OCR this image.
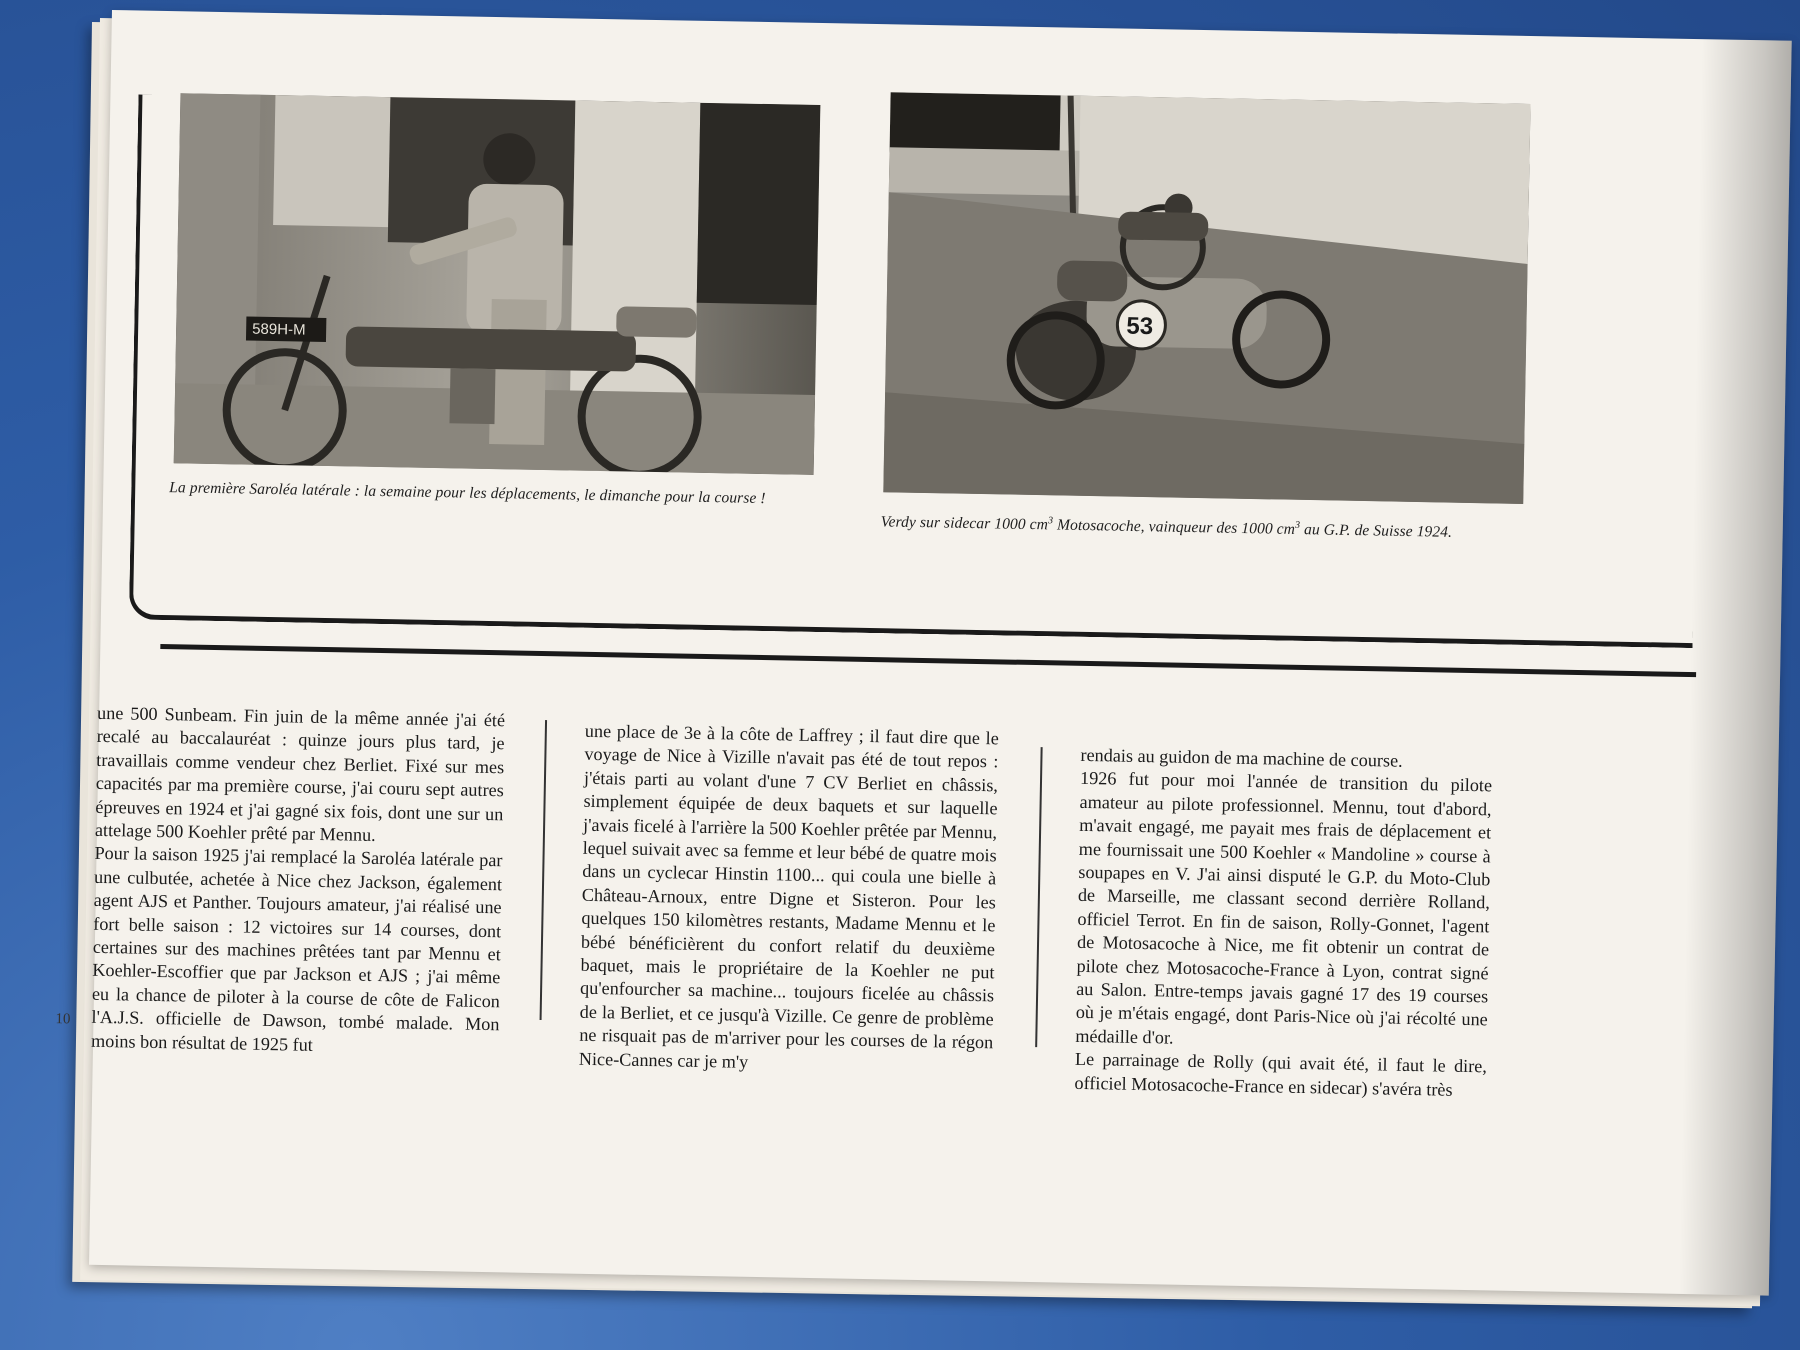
589H-M	53
La première Saroléa latérale : la semaine pour les déplacements, le dimanche pour la course !
Verdy sur sidecar 1000 $cm^3$ Motosacoche, vainqueur des 1000 $cm^3$ au G.P. de Suisse 1924.
une 500 Sunbeam. Fin juin de la même année j'ai été recalé au baccalauréat : quinze jours plus tard, je travaillais comme vendeur chez Berliet. Fixé sur mes capacités par ma première course, j'ai couru sept autres épreuves en 1924 et j'ai gagné six fois, dont une sur un attelage 500 Koehler prêté par Mennu.
Pour la saison 1925 j'ai remplacé la Saroléa latérale par une culbutée, achetée à Nice chez Jackson, également agent AJS et Panther. Toujours amateur, j'ai réalisé une fort belle saison : 12 victoires sur 14 courses, dont certaines sur des machines prêtées tant par Mennu et Koehler-Escoffier que par Jackson et AJS ; j'ai même eu la chance de piloter à la course de côte de Falicon l'A.J.S. officielle de Dawson, tombé malade. Mon moins bon résultat de 1925 fut
une place de 3e à la côte de Laffrey ; il faut dire que le voyage de Nice à Vizille n'avait pas été de tout repos : j'étais parti au volant d'une 7 CV Berliet en châssis, simplement équipée de deux baquets et sur laquelle j'avais ficelé à l'arrière la 500 Koehler prêtée par Mennu, lequel suivait avec sa femme et leur bébé de quatre mois dans un cyclecar Hinstin 1100... qui coula une bielle à Château-Arnoux, entre Digne et Sisteron. Pour les quelques 150 kilomètres restants, Madame Mennu et le bébé bénéficièrent du confort relatif du deuxième baquet, mais le propriétaire de la Koehler ne put qu'enfourcher sa machine... toujours ficelée au châssis de la Berliet, et ce jusqu'à Vizille. Ce genre de problème ne risquait pas de m'arriver pour les courses de la régon Nice-Cannes car je m'y
rendais au guidon de ma machine de course.
1926 fut pour moi l'année de transition du pilote amateur au pilote professionnel. Mennu, tout d'abord, m'avait engagé, me payait mes frais de déplacement et me fournissait une 500 Koehler « Mandoline » course à soupapes en V. J'ai ainsi disputé le G.P. du Moto-Club de Marseille, me classant second derrière Rolland, officiel Terrot. En fin de saison, Rolly-Gonnet, l'agent de Motosacoche à Nice, me fit obtenir un contrat de pilote chez Motosacoche-France à Lyon, contrat signé au Salon. Entre-temps javais gagné 17 des 19 courses où je m'étais engagé, dont Paris-Nice où j'ai récolté une médaille d'or.
Le parrainage de Rolly (qui avait été, il faut le dire, officiel Motosacoche-France en sidecar) s'avéra très
10
